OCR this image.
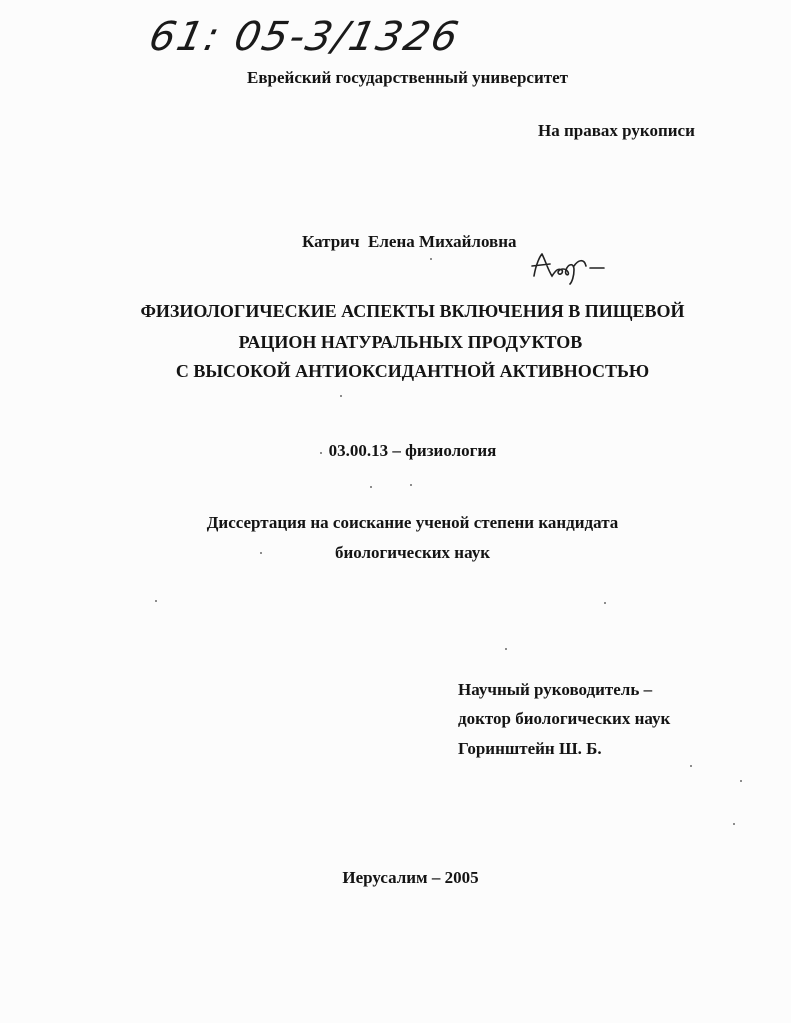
61: 05-3/1326
Еврейский государственный университет
На правах рукописи
Катрич  Елена Михайловна
ФИЗИОЛОГИЧЕСКИЕ АСПЕКТЫ ВКЛЮЧЕНИЯ В ПИЩЕВОЙ
РАЦИОН НАТУРАЛЬНЫХ ПРОДУКТОВ
С ВЫСОКОЙ АНТИОКСИДАНТНОЙ АКТИВНОСТЬЮ
03.00.13 – физиология
Диссертация на соискание ученой степени кандидата
биологических наук
Научный руководитель –
доктор биологических наук
Горинштейн Ш. Б.
Иерусалим – 2005
